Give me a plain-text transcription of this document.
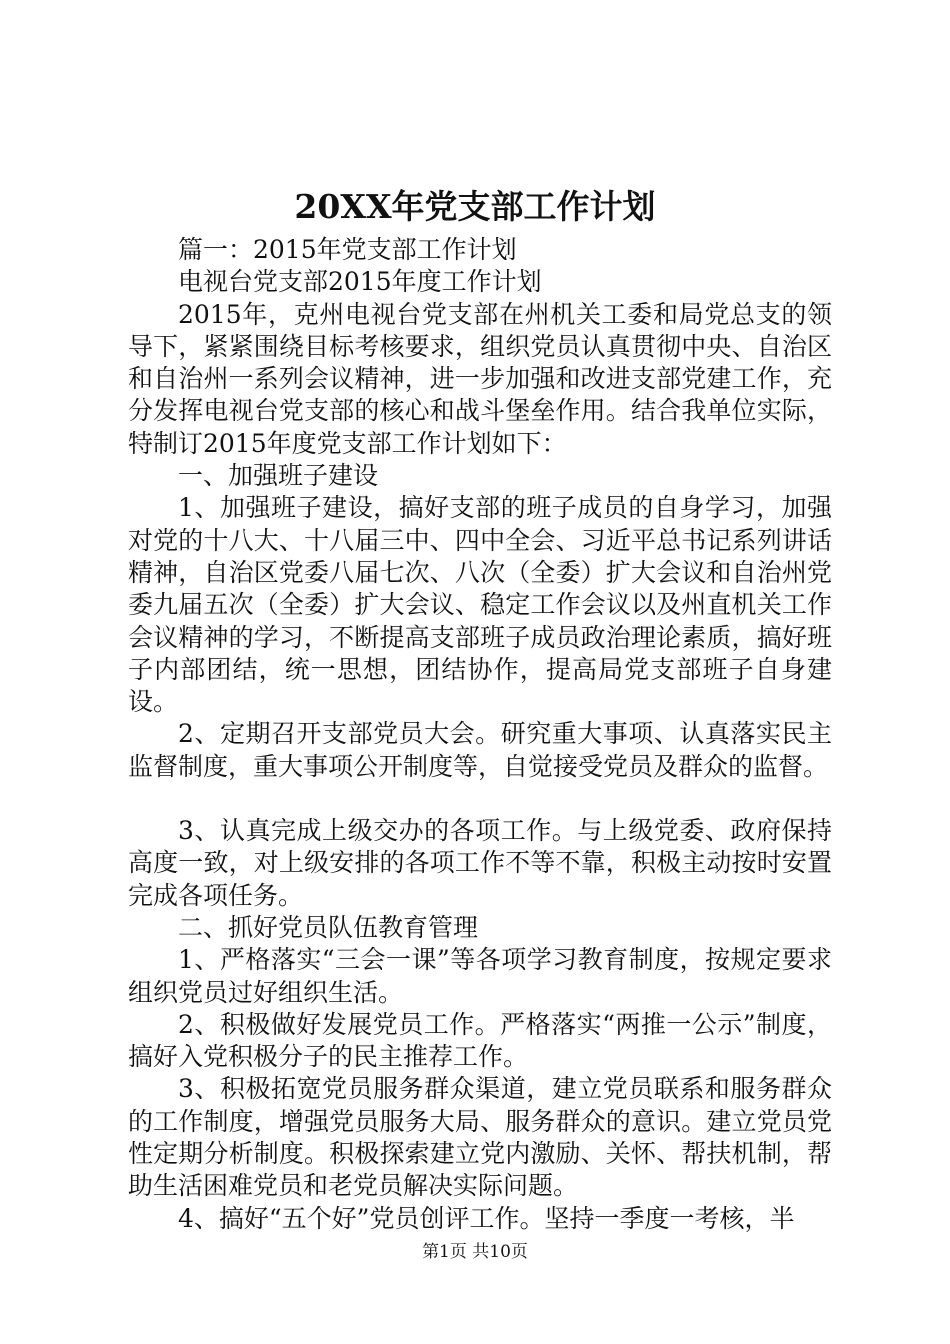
20XX年党支部工作计划

篇一：2015年党支部工作计划

电视台党支部2015年度工作计划

2015年，克州电视台党支部在州机关工委和局党总支的领导下，紧紧围绕目标考核要求，组织党员认真贯彻中央、自治区和自治州一系列会议精神，进一步加强和改进支部党建工作，充分发挥电视台党支部的核心和战斗堡垒作用。结合我单位实际，特制订2015年度党支部工作计划如下：

一、加强班子建设

1、加强班子建设，搞好支部的班子成员的自身学习，加强对党的十八大、十八届三中、四中全会、习近平总书记系列讲话精神，自治区党委八届七次、八次（全委）扩大会议和自治州党委九届五次（全委）扩大会议、稳定工作会议以及州直机关工作会议精神的学习，不断提高支部班子成员政治理论素质，搞好班子内部团结，统一思想，团结协作，提高局党支部班子自身建设。

2、定期召开支部党员大会。研究重大事项、认真落实民主监督制度，重大事项公开制度等，自觉接受党员及群众的监督。

3、认真完成上级交办的各项工作。与上级党委、政府保持高度一致，对上级安排的各项工作不等不靠，积极主动按时安置完成各项任务。

二、抓好党员队伍教育管理

1、严格落实“三会一课”等各项学习教育制度，按规定要求组织党员过好组织生活。

2、积极做好发展党员工作。严格落实“两推一公示”制度，搞好入党积极分子的民主推荐工作。

3、积极拓宽党员服务群众渠道，建立党员联系和服务群众的工作制度，增强党员服务大局、服务群众的意识。建立党员党性定期分析制度。积极探索建立党内激励、关怀、帮扶机制，帮助生活困难党员和老党员解决实际问题。

4、搞好“五个好”党员创评工作。坚持一季度一考核，半

第1页 共10页
